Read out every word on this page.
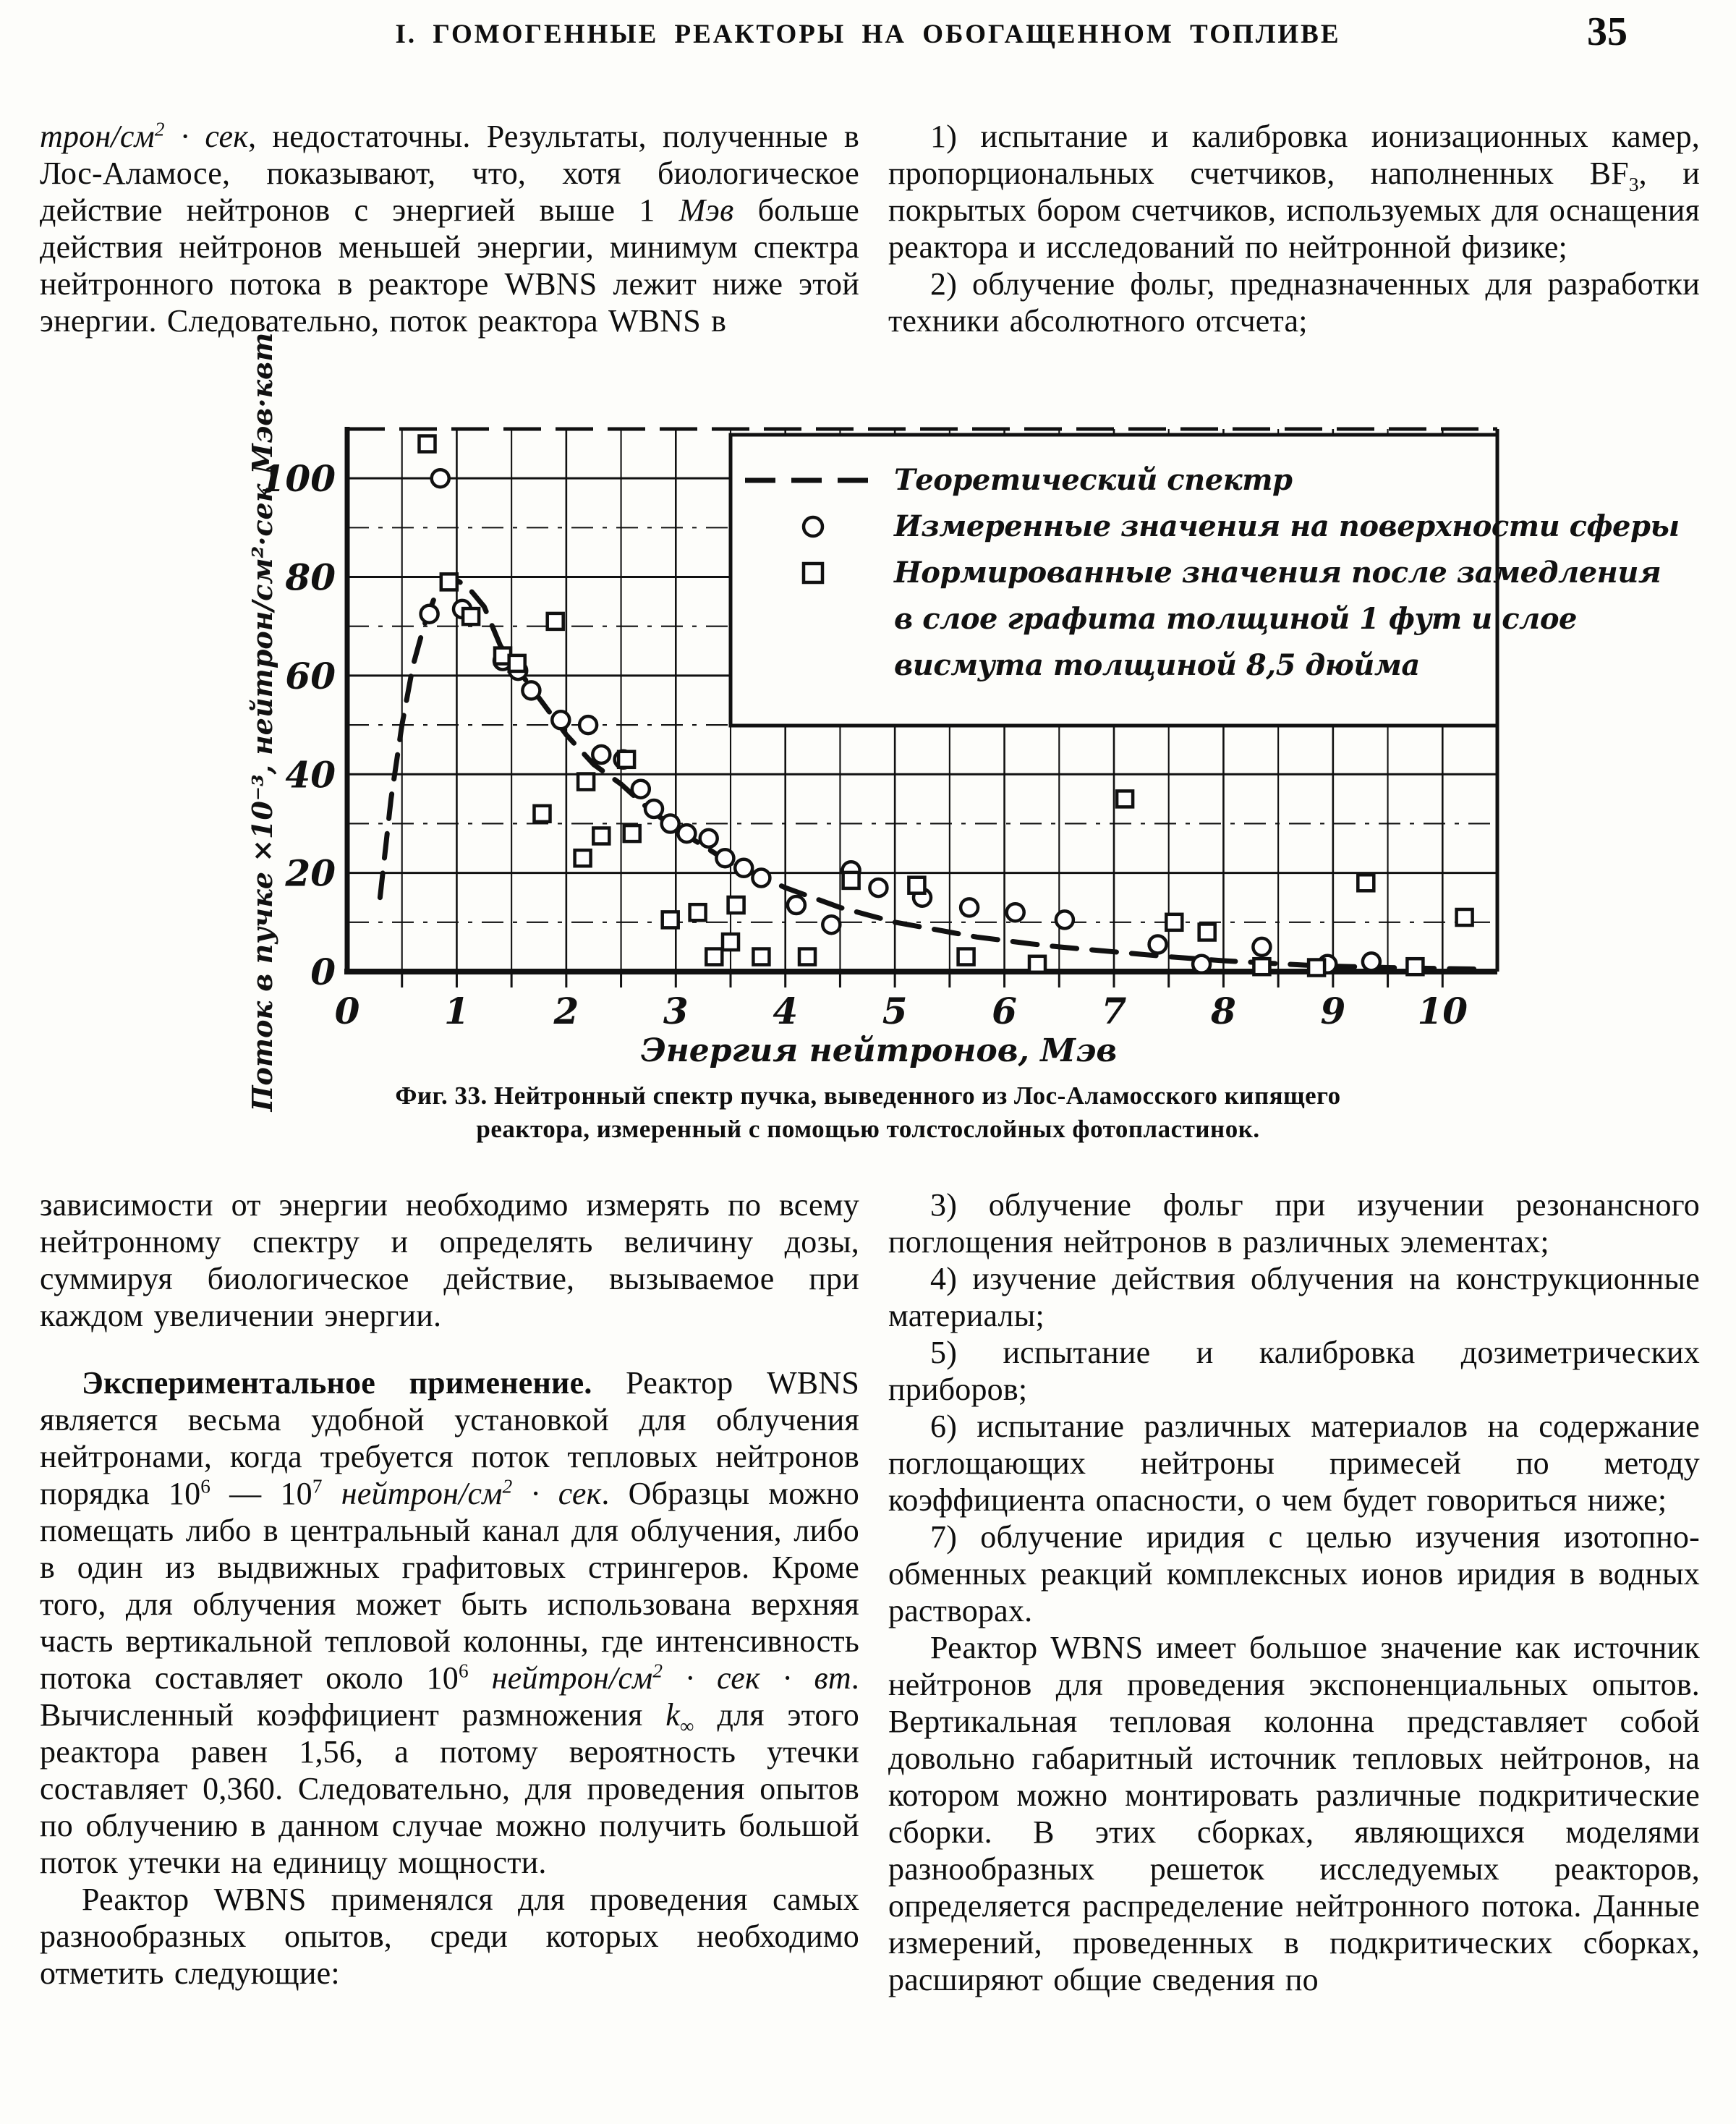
I. ГОМОГЕННЫЕ РЕАКТОРЫ НА ОБОГАЩЕННОМ ТОПЛИВЕ	35

трон/$см^2$ · сек, недостаточны. Результаты, полученные в Лос-Аламосе, показывают, что, хотя биологическое действие нейтронов с энергией выше 1 Мэв больше действия нейтронов меньшей энергии, минимум спектра нейтронного потока в реакторе WBNS лежит ниже этой энергии. Следовательно, поток реактора WBNS в

1) испытание и калибровка ионизационных камер, пропорциональных счетчиков, наполненных $BF_3$, и покрытых бором счетчиков, используемых для оснащения реактора и исследований по нейтронной физике;

2) облучение фольг, предназначенных для разработки техники абсолютного отсчета;

0 1 2 3 4 5 6 7 8 9 10
0
20
40
60
80
100
Энергия нейтронов, Мэв
Поток в пучке ×10⁻³, нейтрон/см²·сек Мэв·квт	Теоретический спектр
Измеренные значения на поверхности сферы
Нормированные значения после замедления
в слое графита толщиной 1 фут и слое
висмута толщиной 8,5 дюйма
Фиг. 33. Нейтронный спектр пучка, выведенного из Лос-Аламосского кипящего
реактора, измеренный с помощью толстослойных фотопластинок.

зависимости от энергии необходимо измерять по всему нейтронному спектру и определять величину дозы, суммируя биологическое действие, вызываемое при каждом увеличении энергии.

Экспериментальное применение. Реактор WBNS является весьма удобной установкой для облучения нейтронами, когда требуется поток тепловых нейтронов порядка $10^6$ — $10^7$ нейтрон/$см^2$ · сек. Образцы можно помещать либо в центральный канал для облучения, либо в один из выдвижных графитовых стрингеров. Кроме того, для облучения может быть использована верхняя часть вертикальной тепловой колонны, где интенсивность потока составляет около $10^6$ нейтрон/$см^2$ · сек · вт. Вычисленный коэффициент размножения $k_\infty$ для этого реактора равен 1,56, а потому вероятность утечки составляет 0,360. Следовательно, для проведения опытов по облучению в данном случае можно получить большой поток утечки на единицу мощности.

Реактор WBNS применялся для проведения самых разнообразных опытов, среди которых необходимо отметить следующие:

3) облучение фольг при изучении резонансного поглощения нейтронов в различных элементах;

4) изучение действия облучения на конструкционные материалы;

5) испытание и калибровка дозиметрических приборов;

6) испытание различных материалов на содержание поглощающих нейтроны примесей по методу коэффициента опасности, о чем будет говориться ниже;

7) облучение иридия с целью изучения изотопно-обменных реакций комплексных ионов иридия в водных растворах.

Реактор WBNS имеет большое значение как источник нейтронов для проведения экспоненциальных опытов. Вертикальная тепловая колонна представляет собой довольно габаритный источник тепловых нейтронов, на котором можно монтировать различные подкритические сборки. В этих сборках, являющихся моделями разнообразных решеток исследуемых реакторов, определяется распределение нейтронного потока. Данные измерений, проведенных в подкритических сборках, расширяют общие сведения по
